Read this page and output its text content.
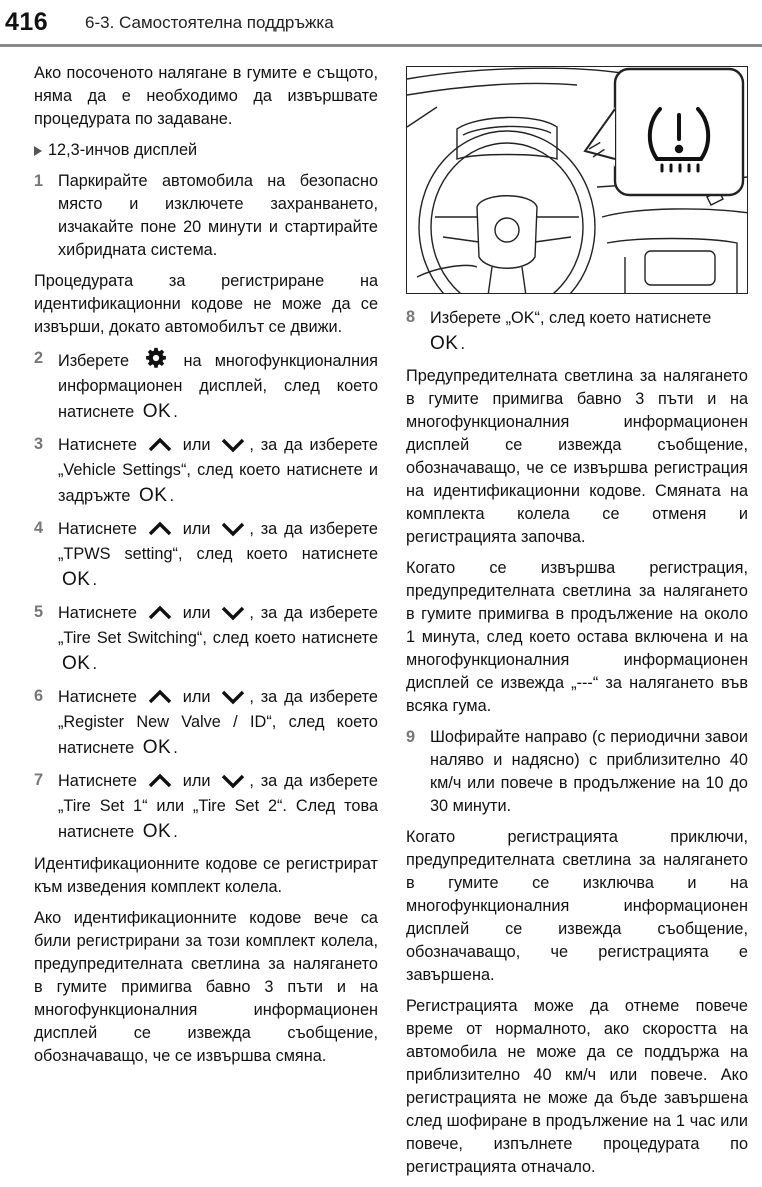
416 6-3. Самостоятелна поддръжка

Ако посоченото налягане в гумите е същото, няма да е необходимо да извършвате процедурата по задаване.

12,3-инчов дисплей
1 Паркирайте автомобила на безопасно място и изключете захранването, изчакайте поне 20 минути и стартирайте хибридната система.

Процедурата за регистриране на идентификационни кодове не може да се извърши, докато автомобилът се движи.

2 Изберете	на многофункционалния информационен дисплей, след което натиснете OK .
3 Натиснете	или , за да изберете „Vehicle Settings“, след което натиснете и задръжте OK .
4 Натиснете	или , за да изберете „TPWS setting“, след което натиснете OK .
5 Натиснете	или , за да изберете „Tire Set Switching“, след което натиснете OK .
6 Натиснете	или , за да изберете „Register New Valve / ID“, след което натиснете OK .
7 Натиснете	или , за да изберете „Tire Set 1“ или „Tire Set 2“. След това натиснете OK .

Идентификационните кодове се регистрират към изведения комплект колела.

Ако идентификационните кодове вече са били регистрирани за този комплект колела, предупредителната светлина за налягането в гумите примигва бавно 3 пъти и на многофункционалния информационен дисплей се извежда съобщение, обозначаващо, че се извършва смяна.

8 Изберете „OK“, след което натиснете
OK .

Предупредителната светлина за налягането в гумите примигва бавно 3 пъти и на многофункционалния информационен дисплей се извежда съобщение, обозначаващо, че се извършва регистрация на идентификационни кодове. Смяната на комплекта колела се отменя и регистрацията започва.

Когато се извършва регистрация, предупредителната светлина за налягането в гумите примигва в продължение на около 1 минута, след което остава включена и на многофункционалния информационен дисплей се извежда „---“ за налягането във всяка гума.

9 Шофирайте направо (с периодични завои наляво и надясно) с приблизително 40 км/ч или повече в продължение на 10 до 30 минути.

Когато регистрацията приключи, предупредителната светлина за налягането в гумите се изключва и на многофункционалния информационен дисплей се извежда съобщение, обозначаващо, че регистрацията е завършена.

Регистрацията може да отнеме повече време от нормалното, ако скоростта на автомобила не може да се поддържа на приблизително 40 км/ч или повече. Ако регистрацията не може да бъде завършена след шофиране в продължение на 1 час или повече, изпълнете процедурата по регистрацията отначало.
